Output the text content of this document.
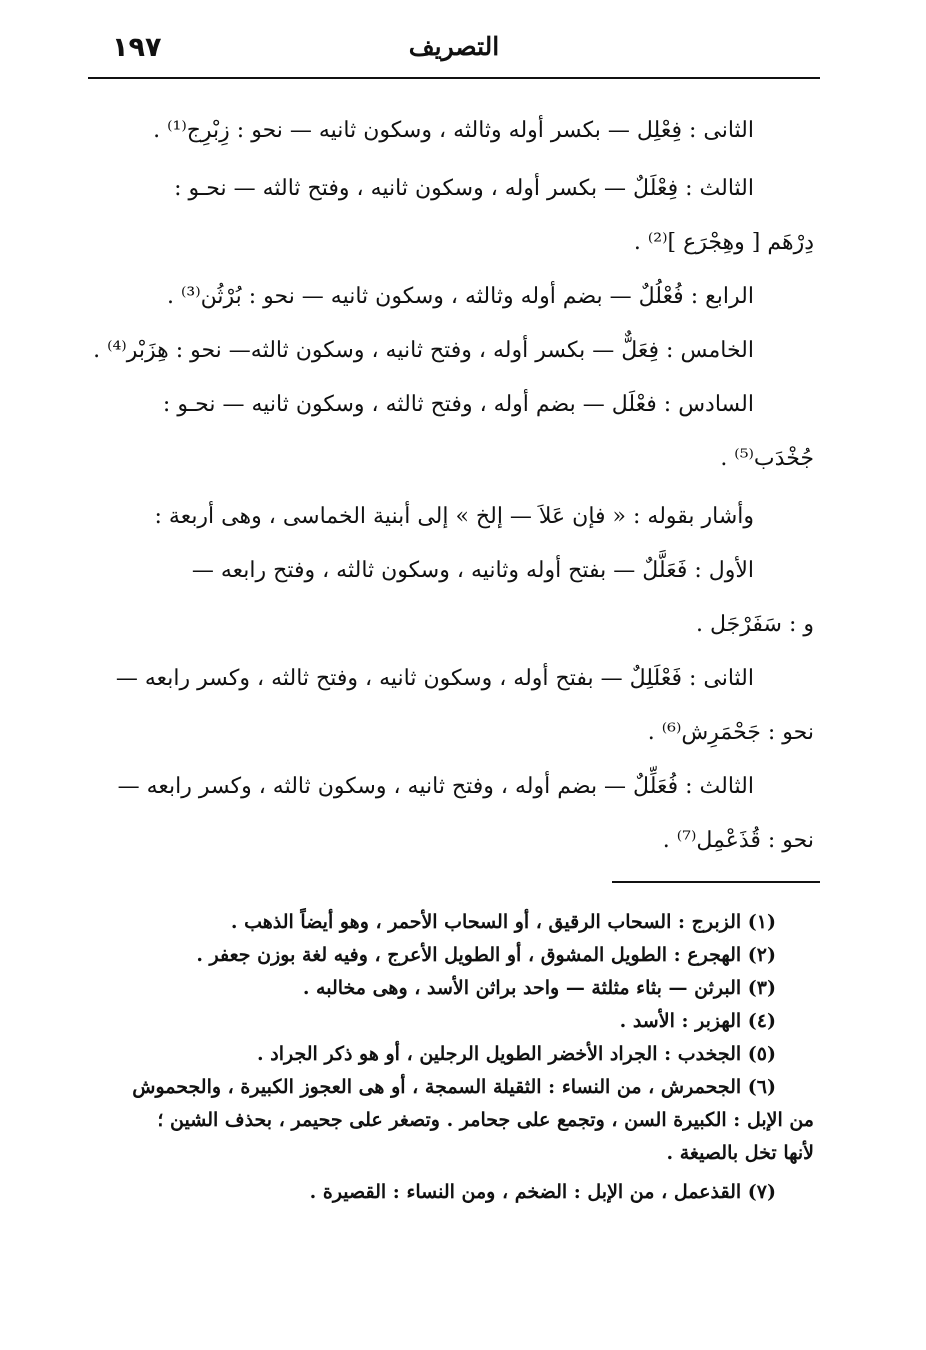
١٩٧	التصريف

الثانى : فِعْلِل — بكسر أوله وثالثه ، وسكون ثانيه — نحو : زِبْرِج⁽¹⁾ .

الثالث : فِعْلَلٌ — بكسر أوله ، وسكون ثانيه ، وفتح ثالثه — نحـو :

دِرْهَم [ وهِجْرَع ]⁽²⁾ .

الرابع : فُعْلُلٌ — بضم أوله وثالثه ، وسكون ثانيه — نحو : بُرْثُن⁽³⁾ .

الخامس : فِعَلٌّ — بكسر أوله ، وفتح ثانيه ، وسكون ثالثه— نحو : هِزَبْر⁽⁴⁾ .

السادس : فعْلَل — بضم أوله ، وفتح ثالثه ، وسكون ثانيه — نحـو :

جُخْدَب⁽⁵⁾ .

وأشار بقوله : « فإن عَلاَ — إلخ » إلى أبنية الخماسى ، وهى أربعة :

الأول : فَعَلَّلٌ — بفتح أوله وثانيه ، وسكون ثالثه ، وفتح رابعه —

و : سَفَرْجَل .

الثانى : فَعْلَلِلٌ — بفتح أوله ، وسكون ثانيه ، وفتح ثالثه ، وكسر رابعه —

نحو : جَحْمَرِش⁽⁶⁾ .

الثالث : فُعَلِّلٌ — بضم أوله ، وفتح ثانيه ، وسكون ثالثه ، وكسر رابعه —

نحو : قُذَعْمِل⁽⁷⁾ .

(١) الزبرج : السحاب الرقيق ، أو السحاب الأحمر ، وهو أيضاً الذهب .

(٢) الهجرع : الطويل المشوق ، أو الطويل الأعرج ، وفيه لغة بوزن جعفر .

(٣) البرثن — بثاء مثلثة — واحد براثن الأسد ، وهى مخالبه .

(٤) الهزبر : الأسد .

(٥) الجخدب : الجراد الأخضر الطويل الرجلين ، أو هو ذكر الجراد .

(٦) الجحمرش ، من النساء : الثقيلة السمجة ، أو هى العجوز الكبيرة ، والجحموش

من الإبل : الكبيرة السن ، وتجمع على جحامر . وتصغر على جحيمر ، بحذف الشين ؛

لأنها تخل بالصيغة .

(٧) القذعمل ، من الإبل : الضخم ، ومن النساء : القصيرة .
